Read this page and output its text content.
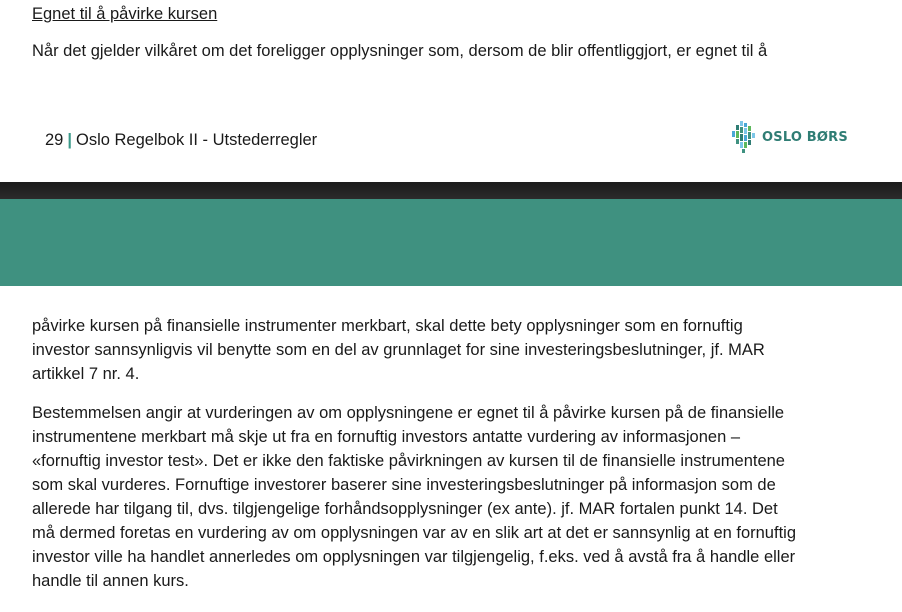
Egnet til å påvirke kursen
Når det gjelder vilkåret om det foreligger opplysninger som, dersom de blir offentliggjort, er egnet til å
29 | Oslo Regelbok II - Utstederregler	OSLO BØRS
påvirke kursen på finansielle instrumenter merkbart, skal dette bety opplysninger som en fornuftig
investor sannsynligvis vil benytte som en del av grunnlaget for sine investeringsbeslutninger, jf. MAR
artikkel 7 nr. 4.
Bestemmelsen angir at vurderingen av om opplysningene er egnet til å påvirke kursen på de finansielle
instrumentene merkbart må skje ut fra en fornuftig investors antatte vurdering av informasjonen –
«fornuftig investor test». Det er ikke den faktiske påvirkningen av kursen til de finansielle instrumentene
som skal vurderes. Fornuftige investorer baserer sine investeringsbeslutninger på informasjon som de
allerede har tilgang til, dvs. tilgjengelige forhåndsopplysninger (ex ante). jf. MAR fortalen punkt 14. Det
må dermed foretas en vurdering av om opplysningen var av en slik art at det er sannsynlig at en fornuftig
investor ville ha handlet annerledes om opplysningen var tilgjengelig, f.eks. ved å avstå fra å handle eller
handle til annen kurs.
